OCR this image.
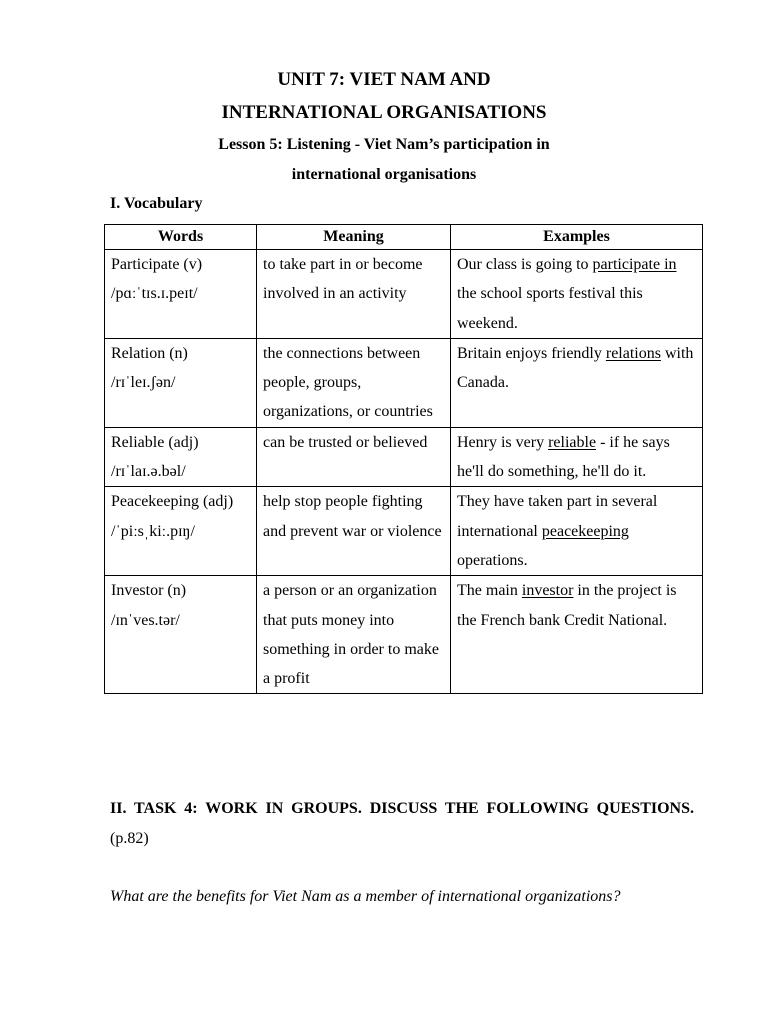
UNIT 7: VIET NAM AND
INTERNATIONAL ORGANISATIONS
Lesson 5: Listening - Viet Nam’s participation in
international organisations
I. Vocabulary
Words	Meaning	Examples

Participate (v)
/pɑːˈtɪs.ɪ.peɪt/	to take part in or become involved in an activity	Our class is going to participate in the school sports festival this weekend.

Relation (n)
/rɪˈleɪ.ʃən/	the connections between people, groups, organizations, or countries	Britain enjoys friendly relations with Canada.

Reliable (adj)
/rɪˈlaɪ.ə.bəl/	can be trusted or believed	Henry is very reliable - if he says he'll do something, he'll do it.

Peacekeeping (adj)
/ˈpiːsˌkiː.pɪŋ/	help stop people fighting and prevent war or violence	They have taken part in several international peacekeeping operations.

Investor (n)
/ɪnˈves.tər/	a person or an organization that puts money into something in order to make a profit	The main investor in the project is the French bank Credit National.
II. TASK 4: WORK IN GROUPS. DISCUSS THE FOLLOWING QUESTIONS. (p.82)
What are the benefits for Viet Nam as a member of international organizations?
